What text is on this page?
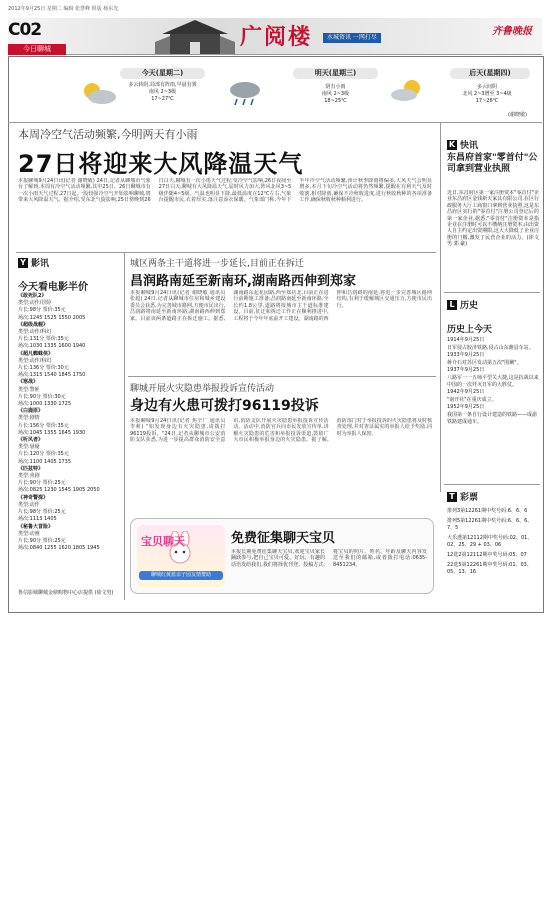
2012年9月25日 星期二 编辑 张慧峰 组版 杨东光
C02
今日聊城	广阅楼	水城资讯 一网打尽
齐鲁晚报
今天(星期二)
多云转阴,局部有阵雨,早晨有雾
南风 2~3级
17~27℃
明天(星期三)
阴有小雨
南风 2~3级
18~25℃
后天(星期四)
多云间阴
北风 2~3增至 3~4级
17~26℃
(谢晓敏)
本周冷空气活动频繁,今明两天有小雨
27日将迎来大风降温天气
本报聊城9月24日讯(记者 谢晓敏) 24日,记者从聊城市气象台了解到,本周有冷空气活动频繁,其中25日、26日聊城市有一次小雨天气过程,27日起,一股较强冷空气开始影响聊城,将带来大风降温天气。据介绍,受东北气旋影响,25日傍晚到26日白天,聊城有一次小雨天气过程;受冷空气影响,26日夜间至27日白天,聊城有大风降温天气,届时风力加大,阵风北风3~5级伴随4~5级。气温也明显下降,最低温度在12℃左右,气象台提醒市民,衣着厚实,落注意添衣保暖。气象部门称,今年下半年冷空气活动频繁,预计秋季降雨将偏多,大风天气会明显增多,本月下旬冷空气活动将仍然频繁,提醒在有利天气及时收割,相对降雨,确保不冷秋收进度,进行秋收秋种的各项准备工作,确保秋收秋种顺利进行。
Y 影讯
今天看电影半价
《敢死队2》
类型:动作/冒险
片长:98分 票价:35元
场次:1245 1525 1550 2005
《超级战舰》
类型:动作/科幻
片长:131分 票价:35元
场次:1030 1335 1600 1940
《超凡蜘蛛侠》
类型:动作/科幻
片长:136分 票价:30元
场次:1315 1540 1845 1750
《寒战》
类型:警匪
片长:90分 票价:30元
场次:1000 1330 1725
《白鹿原》
类型:剧情
片长:156分 票价:35元
场次:1045 1355 1645 1930
《听风者》
类型:悬疑
片长:120分 票价:35元
场次:1100 1405 1735
《匹兹特》
类型:喜剧
片长:90分 票价:25元
场次:0825 1230 1545 1905 2050
《神奇警探》
类型:动作
片长:98分 票价:25元
场次:1113 1405
《秘鲁大冒险》
类型:动画
片长:90分 票价:25元
场次:0840 1255 1620 1805 1945
鲁信影城聊城金鼎购物中心店提供 (徐文男)
城区两条主干道将进一步延长,目前正在拆迁
昌润路南延至新南环,湖南路西伸到郑家
本报聊城9月24日讯(记者 谢晓敏 通讯员 张超) 24日,记者从聊城市住房和城乡建设委员会获悉,为完善城市路网,方便市民出行,昌润路将南延至新南环路,湖南路西伸到郑家。目前该两条道路正在拆迁施工。据悉,湖南路东起花园路,西至郑店北,目前正在进行前期施工准备;昌润路南延至新南环路,全长约1.8公里,道路将按城市主干道标准建设。目前,征迁和拆迁工作正在顺利推进中,工程将于今年年底前开工建设。湖南路的西伸和昌润路的南延,将进一步完善城区路网结构,有利于缓解城区交通压力,方便市民出行。
聊城开展火灾隐患举报投诉宣传活动
身边有火患可拨打96119投诉
本报聊城9月24日讯(记者 焦辛厂 通讯员 李莉) "如发现身边有火灾隐患,请拨打96119投诉。"24日,记者从聊城市公安消防支队获悉,为进一步提高群众消防安全意识,消防支队开展火灾隐患举报投诉宣传活动。活动中,消防官兵向市民发放宣传单,讲解火灾隐患的危害和举报投诉渠道,鼓励广大市民积极举报身边的火灾隐患。据了解,消防部门对于举报投诉的火灾隐患将及时核查处理,并对查证属实的举报人给予奖励,同时为举报人保密。
宝贝聊天
聊城红黄蓝亲子园友情赞助
免费征集聊天宝贝
本报长期免费征集聊天宝贝,欢迎宝贝家长踊跃参与,把自己宝贝可爱、好玩、有趣的话语发给我们,我们将择优刊登。投稿方式:将宝贝的照片、姓名、年龄及聊天内容发送至我们的邮箱,或者拨打电话:0635-8451234。
K 快讯
东昌府首家"零首付"公司拿到营业执照
近日,东昌府区第一家注册资本"零首付"企业东昌府区金钱新天家具有限公司,在区行政服务大厅工商窗口拿到营业执照,这是东昌府区实行的"零首付"注册公司登记后的第一家企业,据悉,"零首付"注册资本是指企业在注册时可以不缴纳注册资本,由出资人自主约定出资期限,这大大降低了企业注册的门槛,激发了民营企业的活力。(徐文男 郭 豪)
L 历史
历史上今天
1914年9月25日
日军侵占胶济铁路,侵占山东潍县车站。
1933年9月25日
蒋介石对苏区发动第五次"围剿"。
1937年9月25日
八路军一一五师平型关大捷,这是抗战以来中国的一次歼灭日军的大胜仗。
1942年9月25日
"南开社"在重庆成立。
1952年9月25日
我国第一条自行设计建造的铁路——成渝铁路建成通车。
T 彩票
排列3第12261期中奖号码:6、6、6
排列5第12261期中奖号码:6、6、6、7、5
大乐透第12112期中奖号码:02、01、02、25、29 + 03、06
12选2第12112期中奖号码:05、07
22选5第12261期中奖号码:01、03、05、13、16
